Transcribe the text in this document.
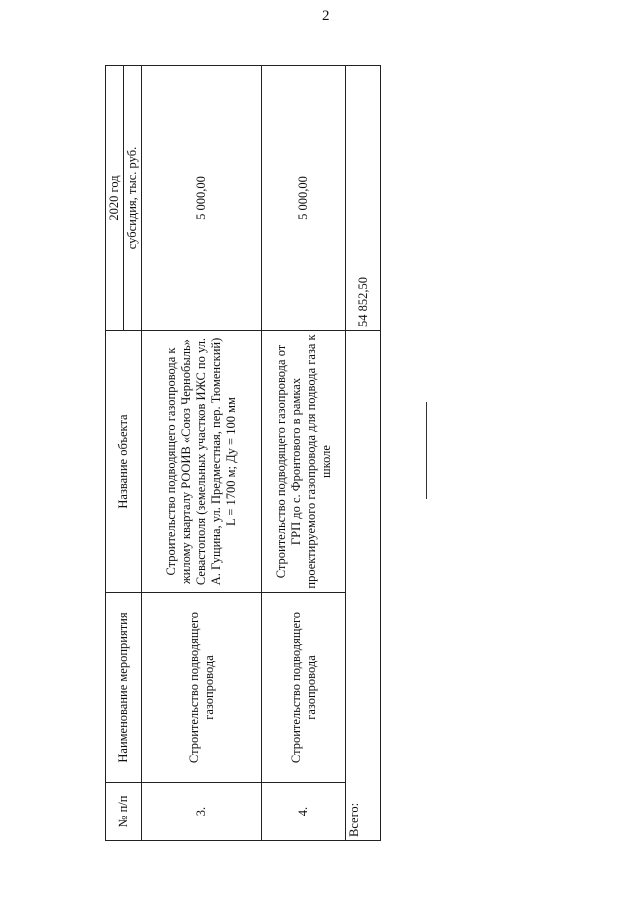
2
№ п/п	Наименование мероприятия	Название объекта	2020 год
			субсидия, тыс. руб.
3.	Строительство подводящего газопровода	Строительство подводящего газопровода к жилому кварталу РООИВ «Союз Чернобыль» Севастополя (земельных участков ИЖС по ул. А. Гущина, ул. Предместная, пер. Тюменский) L = 1700 м; Ду = 100 мм	5 000,00
4.	Строительство подводящего газопровода	Строительство подводящего газопровода от ГРП до с. Фронтового в рамках проектируемого газопровода для подвода газа к школе	5 000,00
Всего:			54 852,50
